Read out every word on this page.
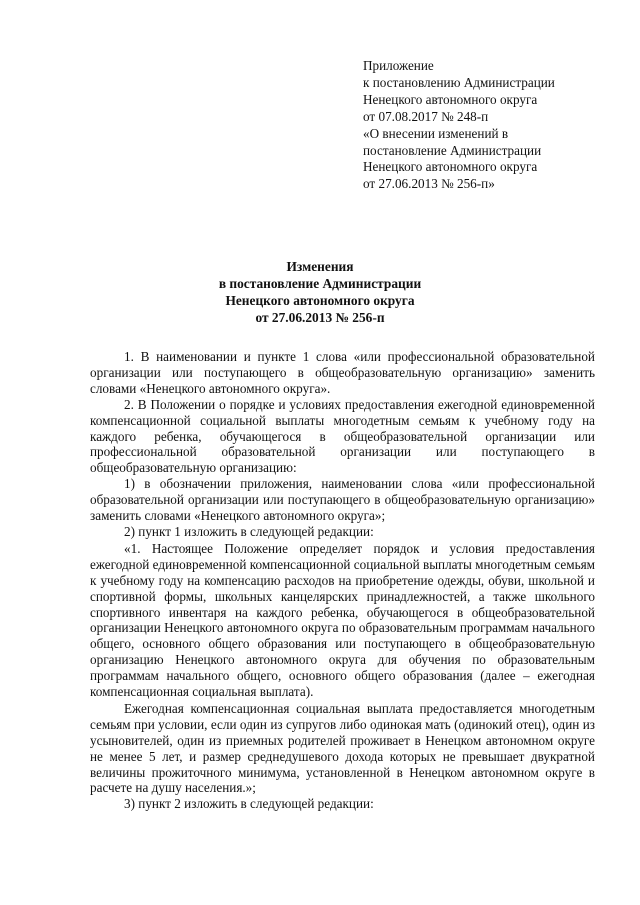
Приложение
к постановлению Администрации
Ненецкого автономного округа
от 07.08.2017 № 248-п
«О внесении изменений в
постановление Администрации
Ненецкого автономного округа
от 27.06.2013 № 256-п»
Изменения
в постановление Администрации
Ненецкого автономного округа
от 27.06.2013 № 256-п

1. В наименовании и пункте 1 слова «или профессиональной образовательной организации или поступающего в общеобразовательную организацию» заменить словами «Ненецкого автономного округа».

2. В Положении о порядке и условиях предоставления ежегодной единовременной компенсационной социальной выплаты многодетным семьям к учебному году на каждого ребенка, обучающегося в общеобразовательной организации или профессиональной образовательной организации или поступающего в общеобразовательную организацию:

1) в обозначении приложения, наименовании слова «или профессиональной образовательной организации или поступающего в общеобразовательную организацию» заменить словами «Ненецкого автономного округа»;

2) пункт 1 изложить в следующей редакции:

«1. Настоящее Положение определяет порядок и условия предоставления ежегодной единовременной компенсационной социальной выплаты многодетным семьям к учебному году на компенсацию расходов на приобретение одежды, обуви, школьной и спортивной формы, школьных канцелярских принадлежностей, а также школьного спортивного инвентаря на каждого ребенка, обучающегося в общеобразовательной организации Ненецкого автономного округа по образовательным программам начального общего, основного общего образования или поступающего в общеобразовательную организацию Ненецкого автономного округа для обучения по образовательным программам начального общего, основного общего образования (далее – ежегодная компенсационная социальная выплата).

Ежегодная компенсационная социальная выплата предоставляется многодетным семьям при условии, если один из супругов либо одинокая мать (одинокий отец), один из усыновителей, один из приемных родителей проживает в Ненецком автономном округе не менее 5 лет, и размер среднедушевого дохода которых не превышает двукратной величины прожиточного минимума, установленной в Ненецком автономном округе в расчете на душу населения.»;

3) пункт 2 изложить в следующей редакции:
